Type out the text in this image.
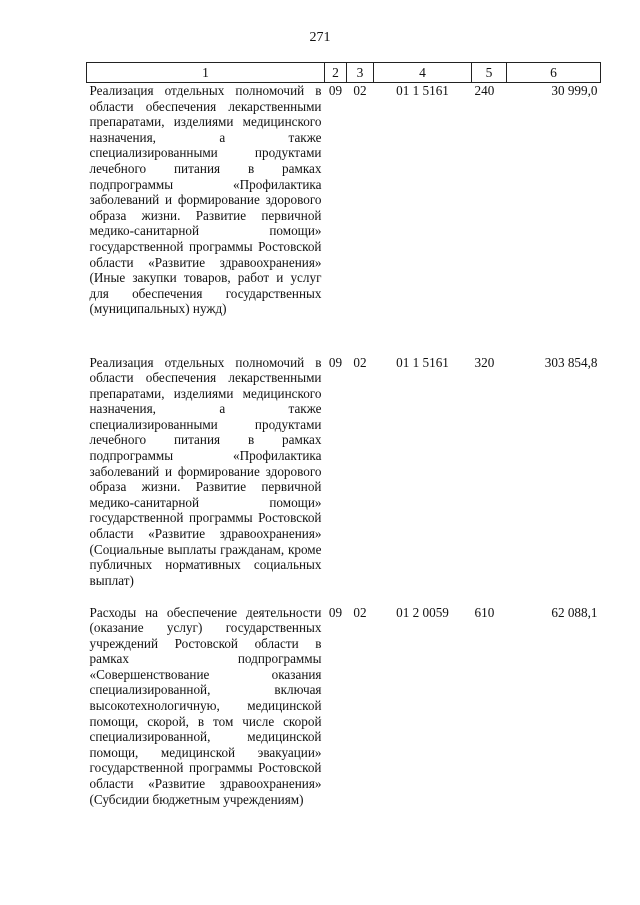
271
1	2	3	4	5	6
Реализация отдельных полномочий в области обеспечения лекарственными препаратами, изделиями медицинского назначения, а также специализированными продуктами лечебного питания в рамках подпрограммы «Профилактика заболеваний и формирование здорового образа жизни. Развитие первичной медико-санитарной помощи» государственной программы Ростовской области «Развитие здравоохранения» (Иные закупки товаров, работ и услуг для обеспечения государственных (муниципальных) нужд)	09	02	01 1 5161	240	30 999,0
Реализация отдельных полномочий в области обеспечения лекарственными препаратами, изделиями медицинского назначения, а также специализированными продуктами лечебного питания в рамках подпрограммы «Профилактика заболеваний и формирование здорового образа жизни. Развитие первичной медико-санитарной помощи» государственной программы Ростовской области «Развитие здравоохранения» (Социальные выплаты гражданам, кроме публичных нормативных социальных выплат)	09	02	01 1 5161	320	303 854,8
Расходы на обеспечение деятельности (оказание услуг) государственных учреждений Ростовской области в рамках подпрограммы «Совершенствование оказания специализированной, включая высокотехнологичную, медицинской помощи, скорой, в том числе скорой специализированной, медицинской помощи, медицинской эвакуации» государственной программы Ростовской области «Развитие здравоохранения» (Субсидии бюджетным учреждениям)	09	02	01 2 0059	610	62 088,1
